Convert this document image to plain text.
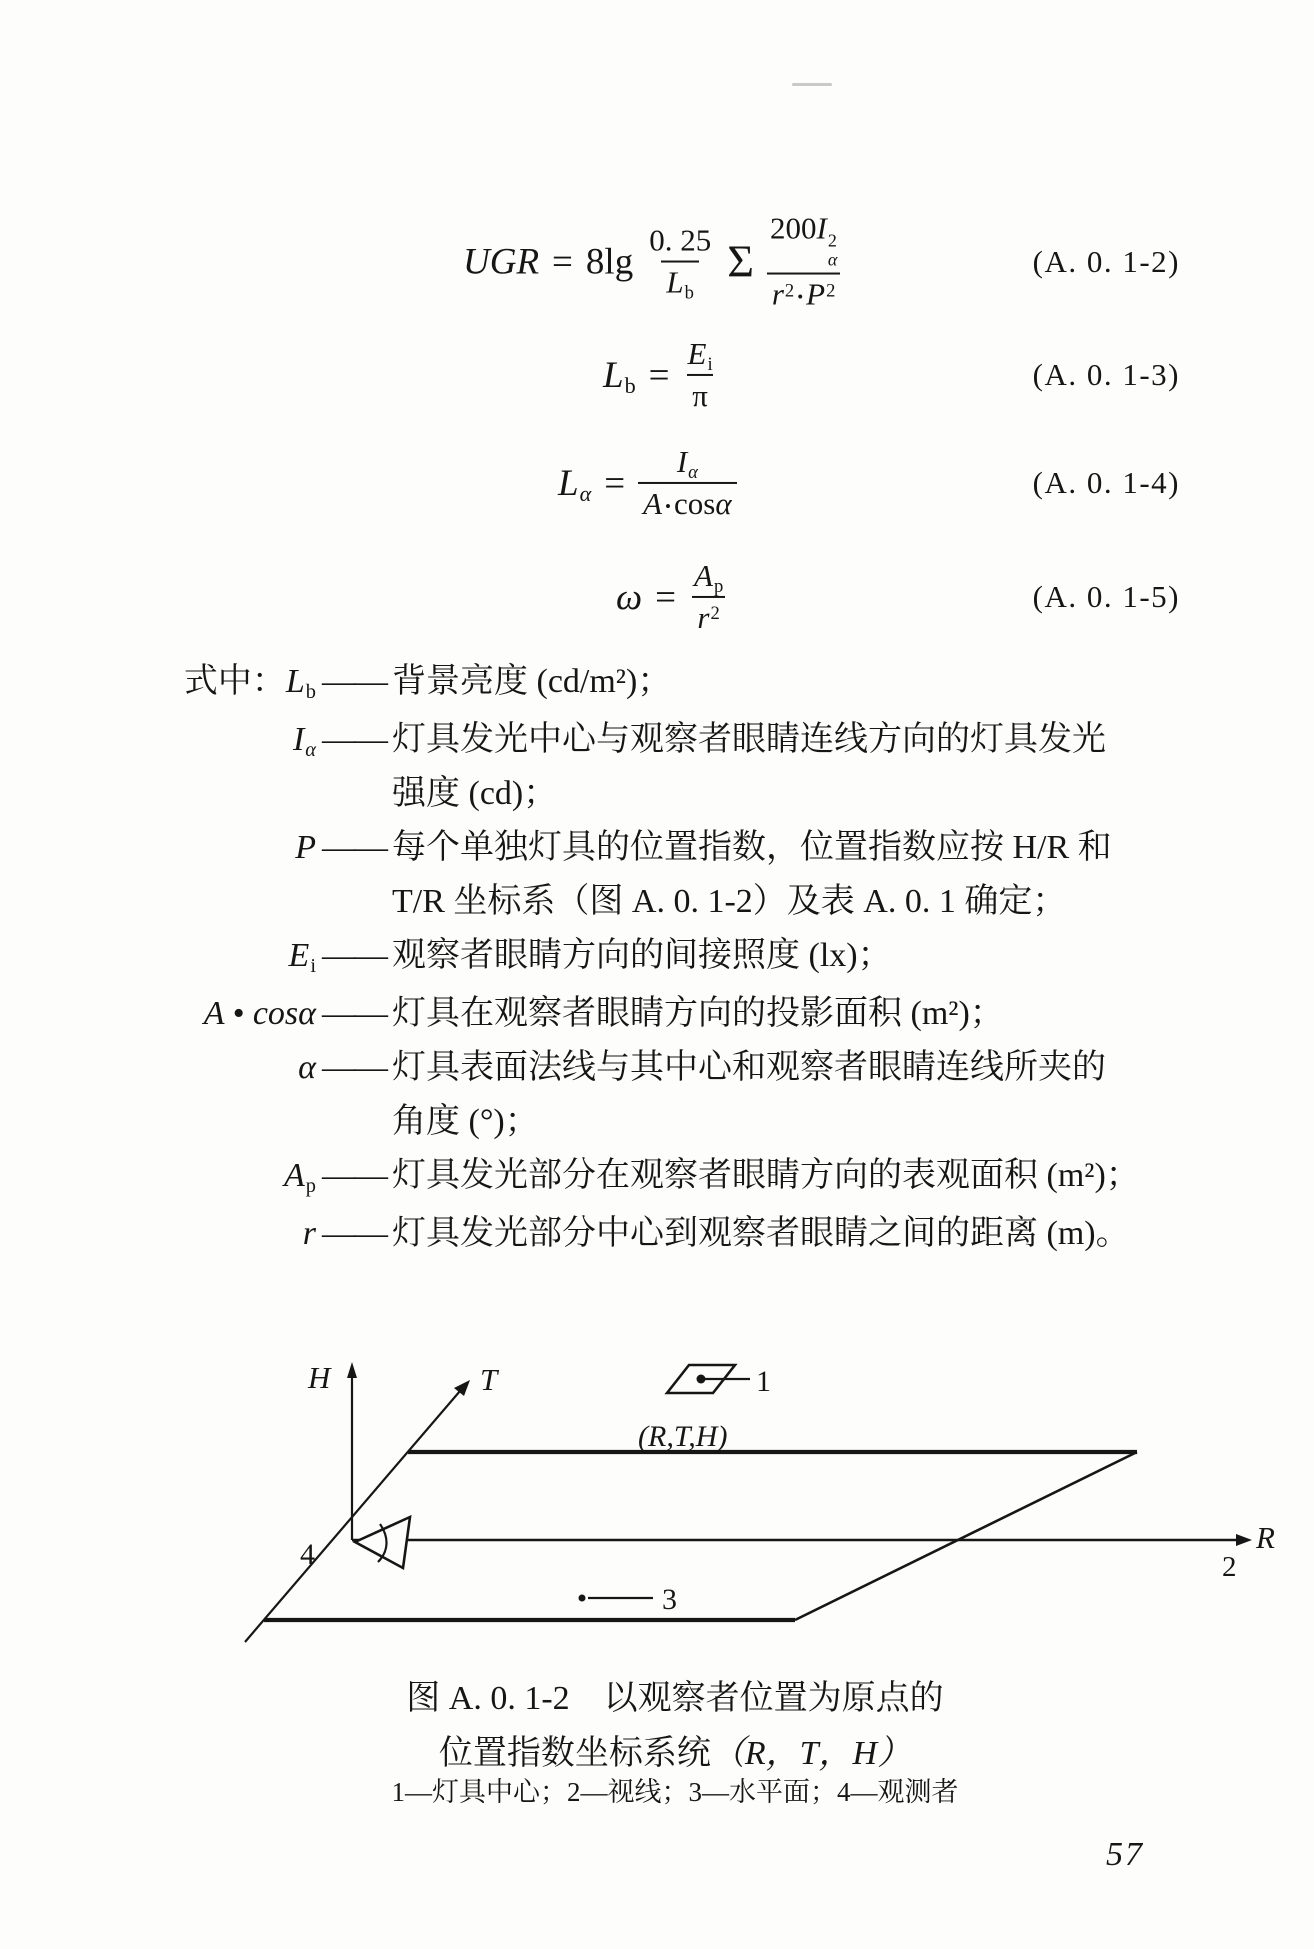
UGR = $8\lg \frac{0. 25}{Lb}$ Σ 200I 2
α
$r^2$ $•P^2$	(A. 0. 1-2)
$Lb = \frac{Ei}{\pi}$	(A. 0. 1-3)
$L\alpha = \frac{I\alpha}{A •\cos\alpha}$	(A. 0. 1-4)
$\omega = \frac{Ap}{r^2}$	(A. 0. 1-5)
式中：Lb —— 背景亮度 (cd/m²)；
Iα —— 灯具发光中心与观察者眼睛连线方向的灯具发光
强度 (cd)；
P —— 每个单独灯具的位置指数，位置指数应按 H/R 和
T/R 坐标系（图 A. 0. 1-2）及表 A. 0. 1 确定；
Ei —— 观察者眼睛方向的间接照度 (lx)；
A • cosα —— 灯具在观察者眼睛方向的投影面积 (m²)；
α —— 灯具表面法线与其中心和观察者眼睛连线所夹的
角度 (°)；
Ap —— 灯具发光部分在观察者眼睛方向的表观面积 (m²)；
r —— 灯具发光部分中心到观察者眼睛之间的距离 (m)。
1
(R,T,H)
3
4	2
H	T
R
图 A. 0. 1-2　以观察者位置为原点的
位置指数坐标系统（R，T，H）
1—灯具中心；2—视线；3—水平面；4—观测者
57
